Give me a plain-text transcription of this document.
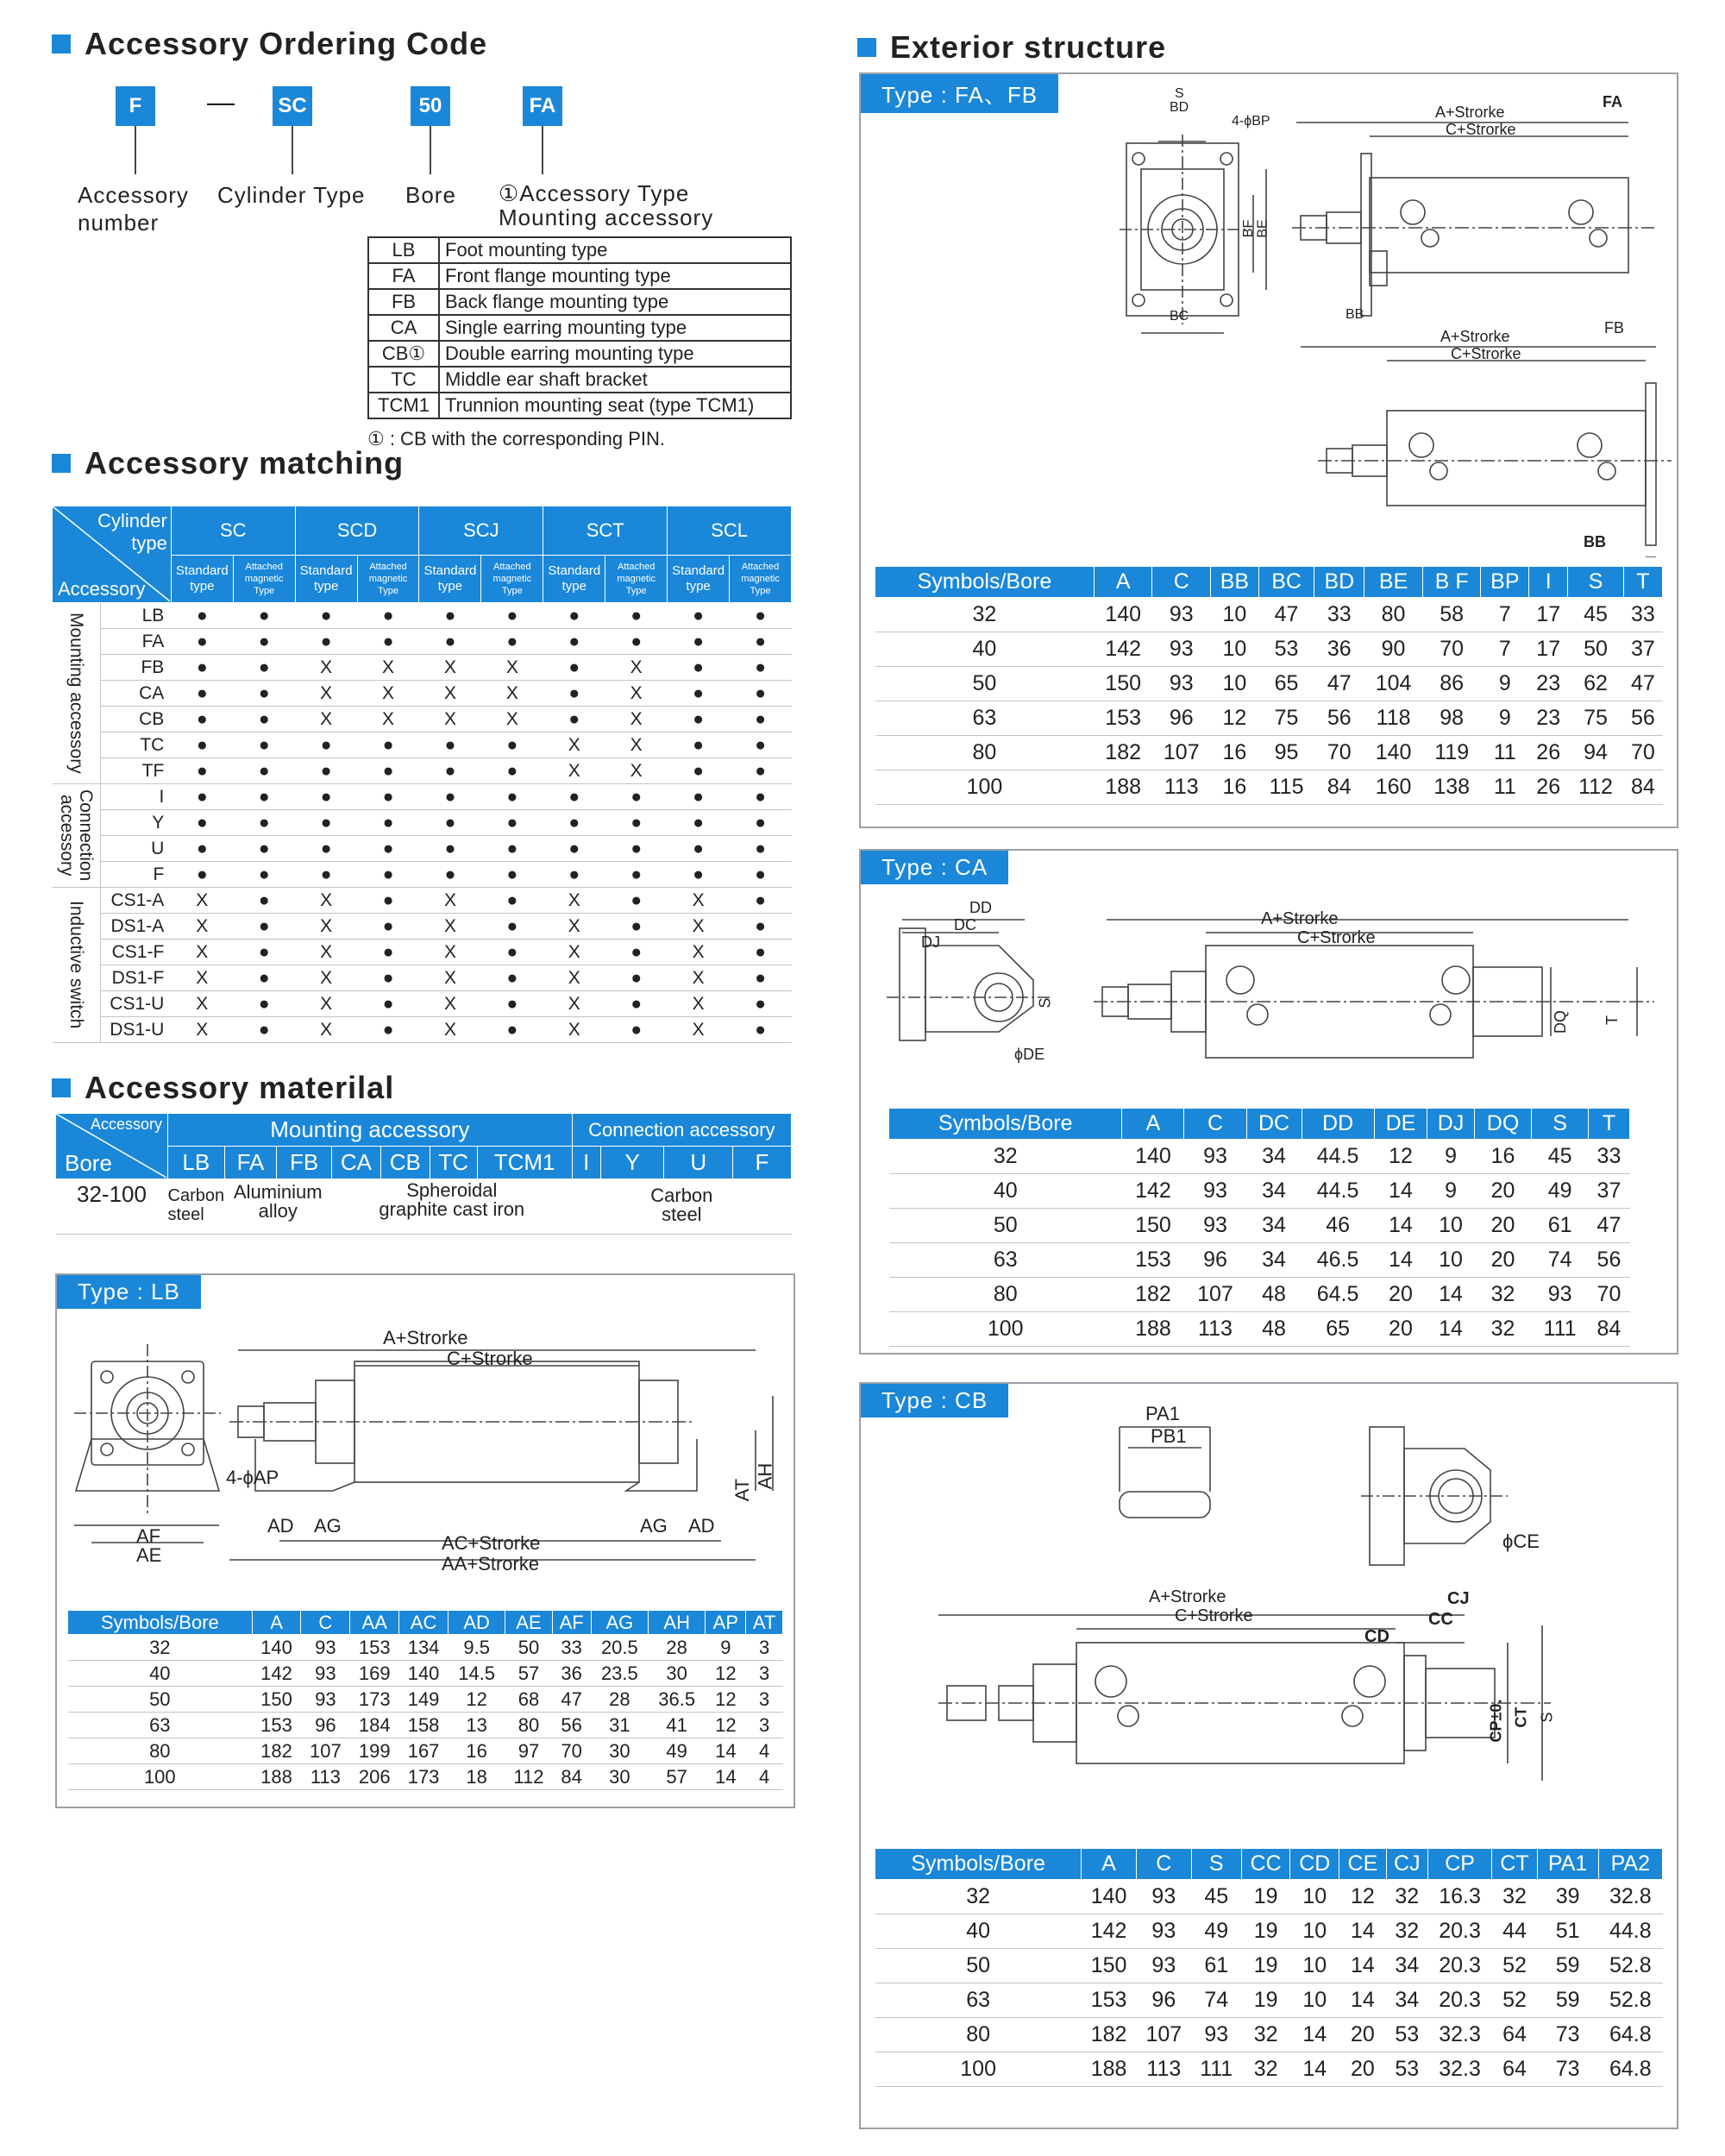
Accessory Ordering Code
F	— SC	50	FA
Accessory number
Cylinder Type Bore ①Accessory Type Mounting accessory
LB	Foot mounting type
FA	Front flange mounting type
FB	Back flange mounting type
CA	Single earring mounting type
CB①	Double earring mounting type
TC	Middle ear shaft bracket
TCM1	Trunnion mounting seat (type TCM1)
① : CB with the corresponding PIN.
Accessory matching
Cylinder type
Accessory		SC		SCD		SCJ		SCT		SCL	
		Standard type	Attached magnetic Type	Standard type	Attached magnetic Type	Standard type	Attached magnetic Type	Standard type	Attached magnetic Type	Standard type	Attached magnetic Type

Mounting accessory	LB	●	●	●	●	●	●	●	●	●	●
	FA	●	●	●	●	●	●	●	●	●	●
	FB	●	●	X	X	X	X	●	X	●	●
	CA	●	●	X	X	X	X	●	X	●	●
	CB	●	●	X	X	X	X	●	X	●	●
	TC	●	●	●	●	●	●	X	X	●	●
	TF	●	●	●	●	●	●	X	X	●	●

Connection accessory	I	●	●	●	●	●	●	●	●	●	●
	Y	●	●	●	●	●	●	●	●	●	●
	U	●	●	●	●	●	●	●	●	●	●
	F	●	●	●	●	●	●	●	●	●	●

Inductive switch	CS1-A	X	●	X	●	X	●	X	●	X	●
	DS1-A	X	●	X	●	X	●	X	●	X	●
	CS1-F	X	●	X	●	X	●	X	●	X	●
	DS1-F	X	●	X	●	X	●	X	●	X	●
	CS1-U	X	●	X	●	X	●	X	●	X	●
	DS1-U	X	●	X	●	X	●	X	●	X	●
Accessory materilal
Accessory
Bore	Mounting accessory							Connection accessory			
	LB	FA	FB	CA	CB	TC	TCM1	I	Y	U	F
32-100	Carbon steel	Aluminium alloy		Spheroidal graphite cast iron				Carbon steel			
Type : LB
A+Strorke
C+Strorke
4-ϕAP
AD AG	AG AD
AF
AE
AC+Strorke
AA+Strorke
AT
AH
Symbols/Bore	A	C	AA	AC	AD	AE	AF	AG	AH	AP	AT
32	140	93	153	134	9.5	50	33	20.5	28	9	3
40	142	93	169	140	14.5	57	36	23.5	30	12	3
50	150	93	173	149	12	68	47	28	36.5	12	3
63	153	96	184	158	13	80	56	31	41	12	3
80	182	107	199	167	16	97	70	30	49	14	4
100	188	113	206	173	18	112	84	30	57	14	4
Exterior structure
Type : FA、FB	S
BD
4-ϕBP
BF BE
BC	BB
A+Strorke
C+Strorke
FA
A+Strorke
C+Strorke
FB
BB
Symbols/Bore	A	C	BB	BC	BD	BE	B F	BP	I	S	T
32	140	93	10	47	33	80	58	7	17	45	33
40	142	93	10	53	36	90	70	7	17	50	37
50	150	93	10	65	47	104	86	9	23	62	47
63	153	96	12	75	56	118	98	9	23	75	56
80	182	107	16	95	70	140	119	11	26	94	70
100	188	113	16	115	84	160	138	11	26	112	84
Type : CA
DD
DC
DJ
ϕDE
S
A+Strorke
C+Strorke
DQ T
Symbols/Bore	A	C	DC	DD	DE	DJ	DQ	S	T
32	140	93	34	44.5	12	9	16	45	33
40	142	93	34	44.5	14	9	20	49	37
50	150	93	34	46	14	10	20	61	47
63	153	96	34	46.5	14	10	20	74	56
80	182	107	48	64.5	20	14	32	93	70
100	188	113	48	65	20	14	32	111	84
Type : CB
PA1
PB1
ϕCE
A+Strorke
C+Strorke
CJ
CC
CD
CP±0. CT S
Symbols/Bore	A	C	S	CC	CD	CE	CJ	CP	CT	PA1	PA2
32	140	93	45	19	10	12	32	16.3	32	39	32.8
40	142	93	49	19	10	14	32	20.3	44	51	44.8
50	150	93	61	19	10	14	34	20.3	52	59	52.8
63	153	96	74	19	10	14	34	20.3	52	59	52.8
80	182	107	93	32	14	20	53	32.3	64	73	64.8
100	188	113	111	32	14	20	53	32.3	64	73	64.8
